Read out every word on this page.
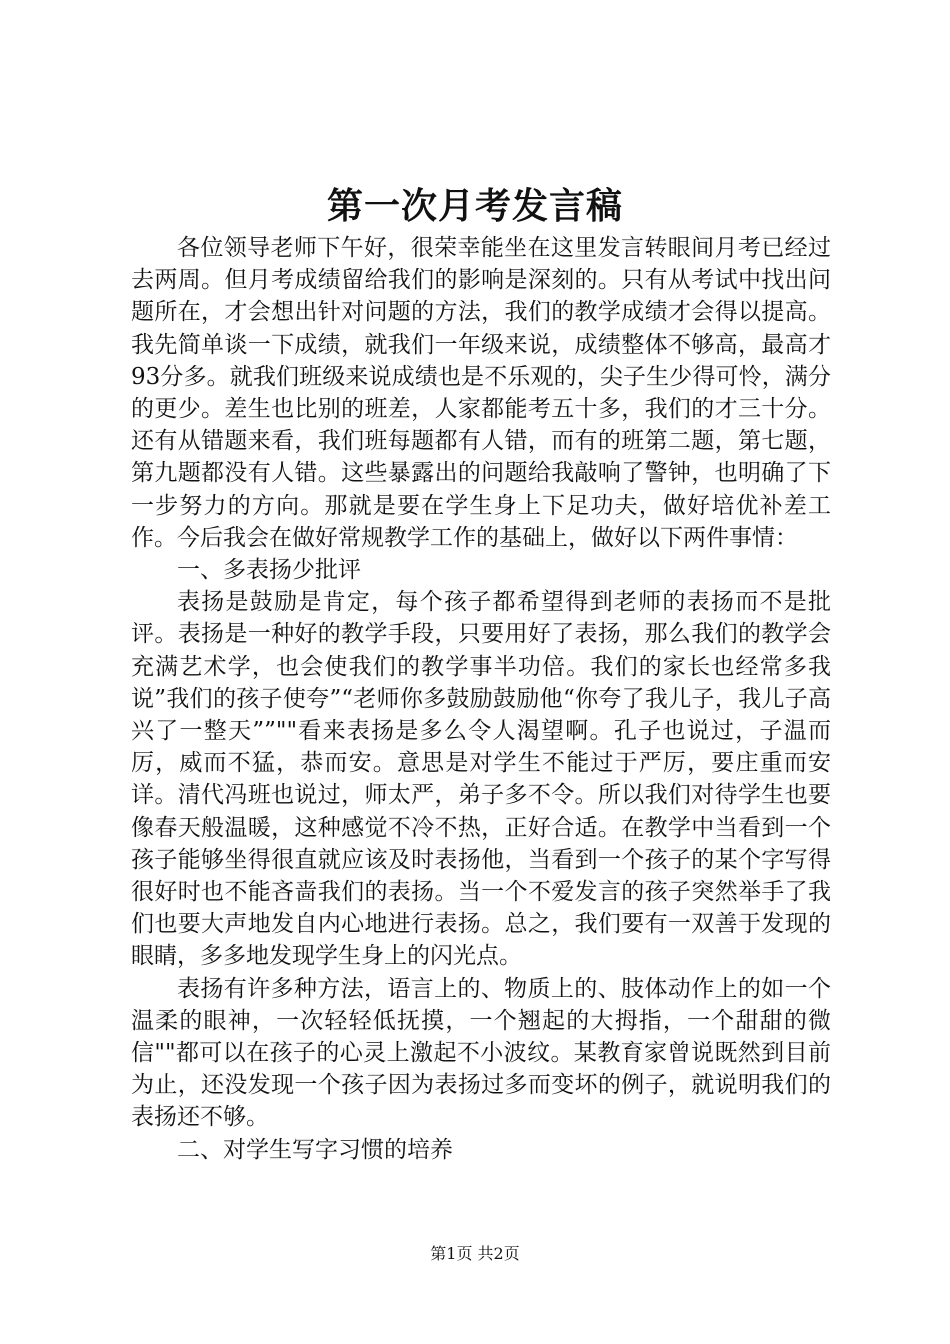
第一次月考发言稿

各位领导老师下午好，很荣幸能坐在这里发言转眼间月考已经过去两周。但月考成绩留给我们的影响是深刻的。只有从考试中找出问题所在，才会想出针对问题的方法，我们的教学成绩才会得以提高。我先简单谈一下成绩，就我们一年级来说，成绩整体不够高，最高才93分多。就我们班级来说成绩也是不乐观的，尖子生少得可怜，满分的更少。差生也比别的班差，人家都能考五十多，我们的才三十分。还有从错题来看，我们班每题都有人错，而有的班第二题，第七题，第九题都没有人错。这些暴露出的问题给我敲响了警钟，也明确了下一步努力的方向。那就是要在学生身上下足功夫，做好培优补差工作。今后我会在做好常规教学工作的基础上，做好以下两件事情：

一、多表扬少批评

表扬是鼓励是肯定，每个孩子都希望得到老师的表扬而不是批评。表扬是一种好的教学手段，只要用好了表扬，那么我们的教学会充满艺术学，也会使我们的教学事半功倍。我们的家长也经常多我说”我们的孩子使夸”“老师你多鼓励鼓励他“你夸了我儿子，我儿子高兴了一整天””""看来表扬是多么令人渴望啊。孔子也说过，子温而厉，威而不猛，恭而安。意思是对学生不能过于严厉，要庄重而安详。清代冯班也说过，师太严，弟子多不令。所以我们对待学生也要像春天般温暖，这种感觉不冷不热，正好合适。在教学中当看到一个孩子能够坐得很直就应该及时表扬他，当看到一个孩子的某个字写得很好时也不能吝啬我们的表扬。当一个不爱发言的孩子突然举手了我们也要大声地发自内心地进行表扬。总之，我们要有一双善于发现的眼睛，多多地发现学生身上的闪光点。

表扬有许多种方法，语言上的、物质上的、肢体动作上的如一个温柔的眼神，一次轻轻低抚摸，一个翘起的大拇指，一个甜甜的微信""都可以在孩子的心灵上激起不小波纹。某教育家曾说既然到目前为止，还没发现一个孩子因为表扬过多而变坏的例子，就说明我们的表扬还不够。

二、对学生写字习惯的培养

第1页 共2页
